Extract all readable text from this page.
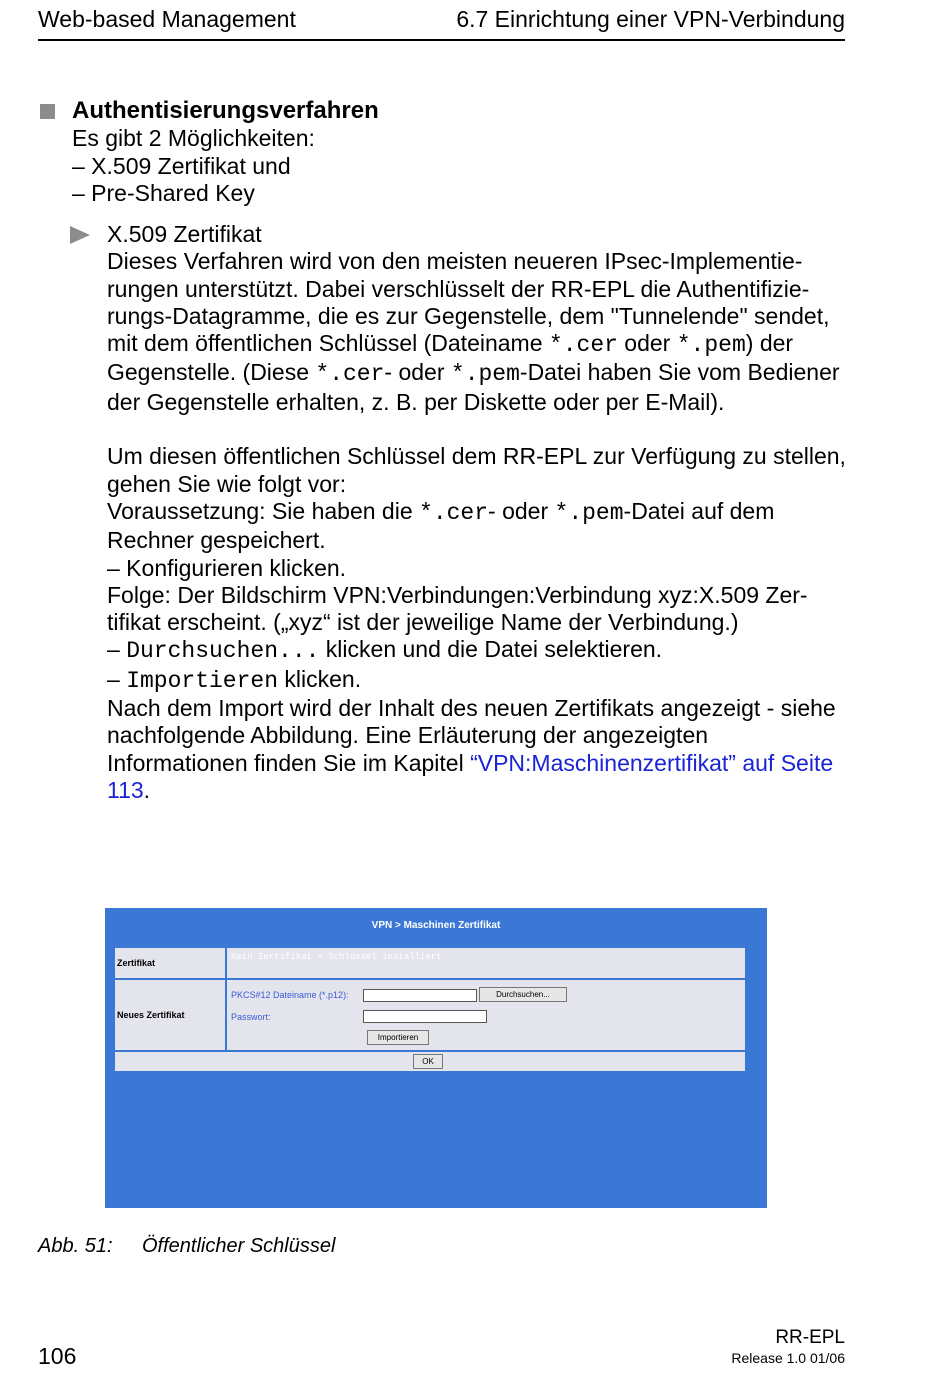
Web-based Management	6.7 Einrichtung einer VPN-Verbindung
Authentisierungsverfahren
Es gibt 2 Möglichkeiten:
– X.509 Zertifikat und
– Pre-Shared Key

X.509 Zertifikat

Dieses Verfahren wird von den meisten neueren IPsec-Implementie-rungen unterstützt. Dabei verschlüsselt der RR-EPL die Authentifizie-rungs-Datagramme, die es zur Gegenstelle, dem "Tunnelende" sendet, mit dem öffentlichen Schlüssel (Dateiname *.cer oder *.pem) der Gegenstelle. (Diese *.cer- oder *.pem-Datei haben Sie vom Bediener der Gegenstelle erhalten, z. B. per Diskette oder per E-Mail).

Um diesen öffentlichen Schlüssel dem RR-EPL zur Verfügung zu stellen, gehen Sie wie folgt vor:

Voraussetzung: Sie haben die *.cer- oder *.pem-Datei auf dem Rechner gespeichert.

– Konfigurieren klicken.

Folge: Der Bildschirm VPN:Verbindungen:Verbindung xyz:X.509 Zer-tifikat erscheint. („xyz“ ist der jeweilige Name der Verbindung.)

– Durchsuchen... klicken und die Datei selektieren.

– Importieren klicken.

Nach dem Import wird der Inhalt des neuen Zertifikats angezeigt - siehe nachfolgende Abbildung. Eine Erläuterung der angezeigten Informationen finden Sie im Kapitel “VPN:Maschinenzertifikat” auf Seite 113.

VPN > Maschinen Zertifikat
Zertifikat
Kein Zertifikat + Schlüssel installiert
Neues Zertifikat
PKCS#12 Dateiname (*.p12):	Durchsuchen...
Passwort:
Importieren
OK
Abb. 51: Öffentlicher Schlüssel
106
RR-EPL
Release 1.0 01/06
